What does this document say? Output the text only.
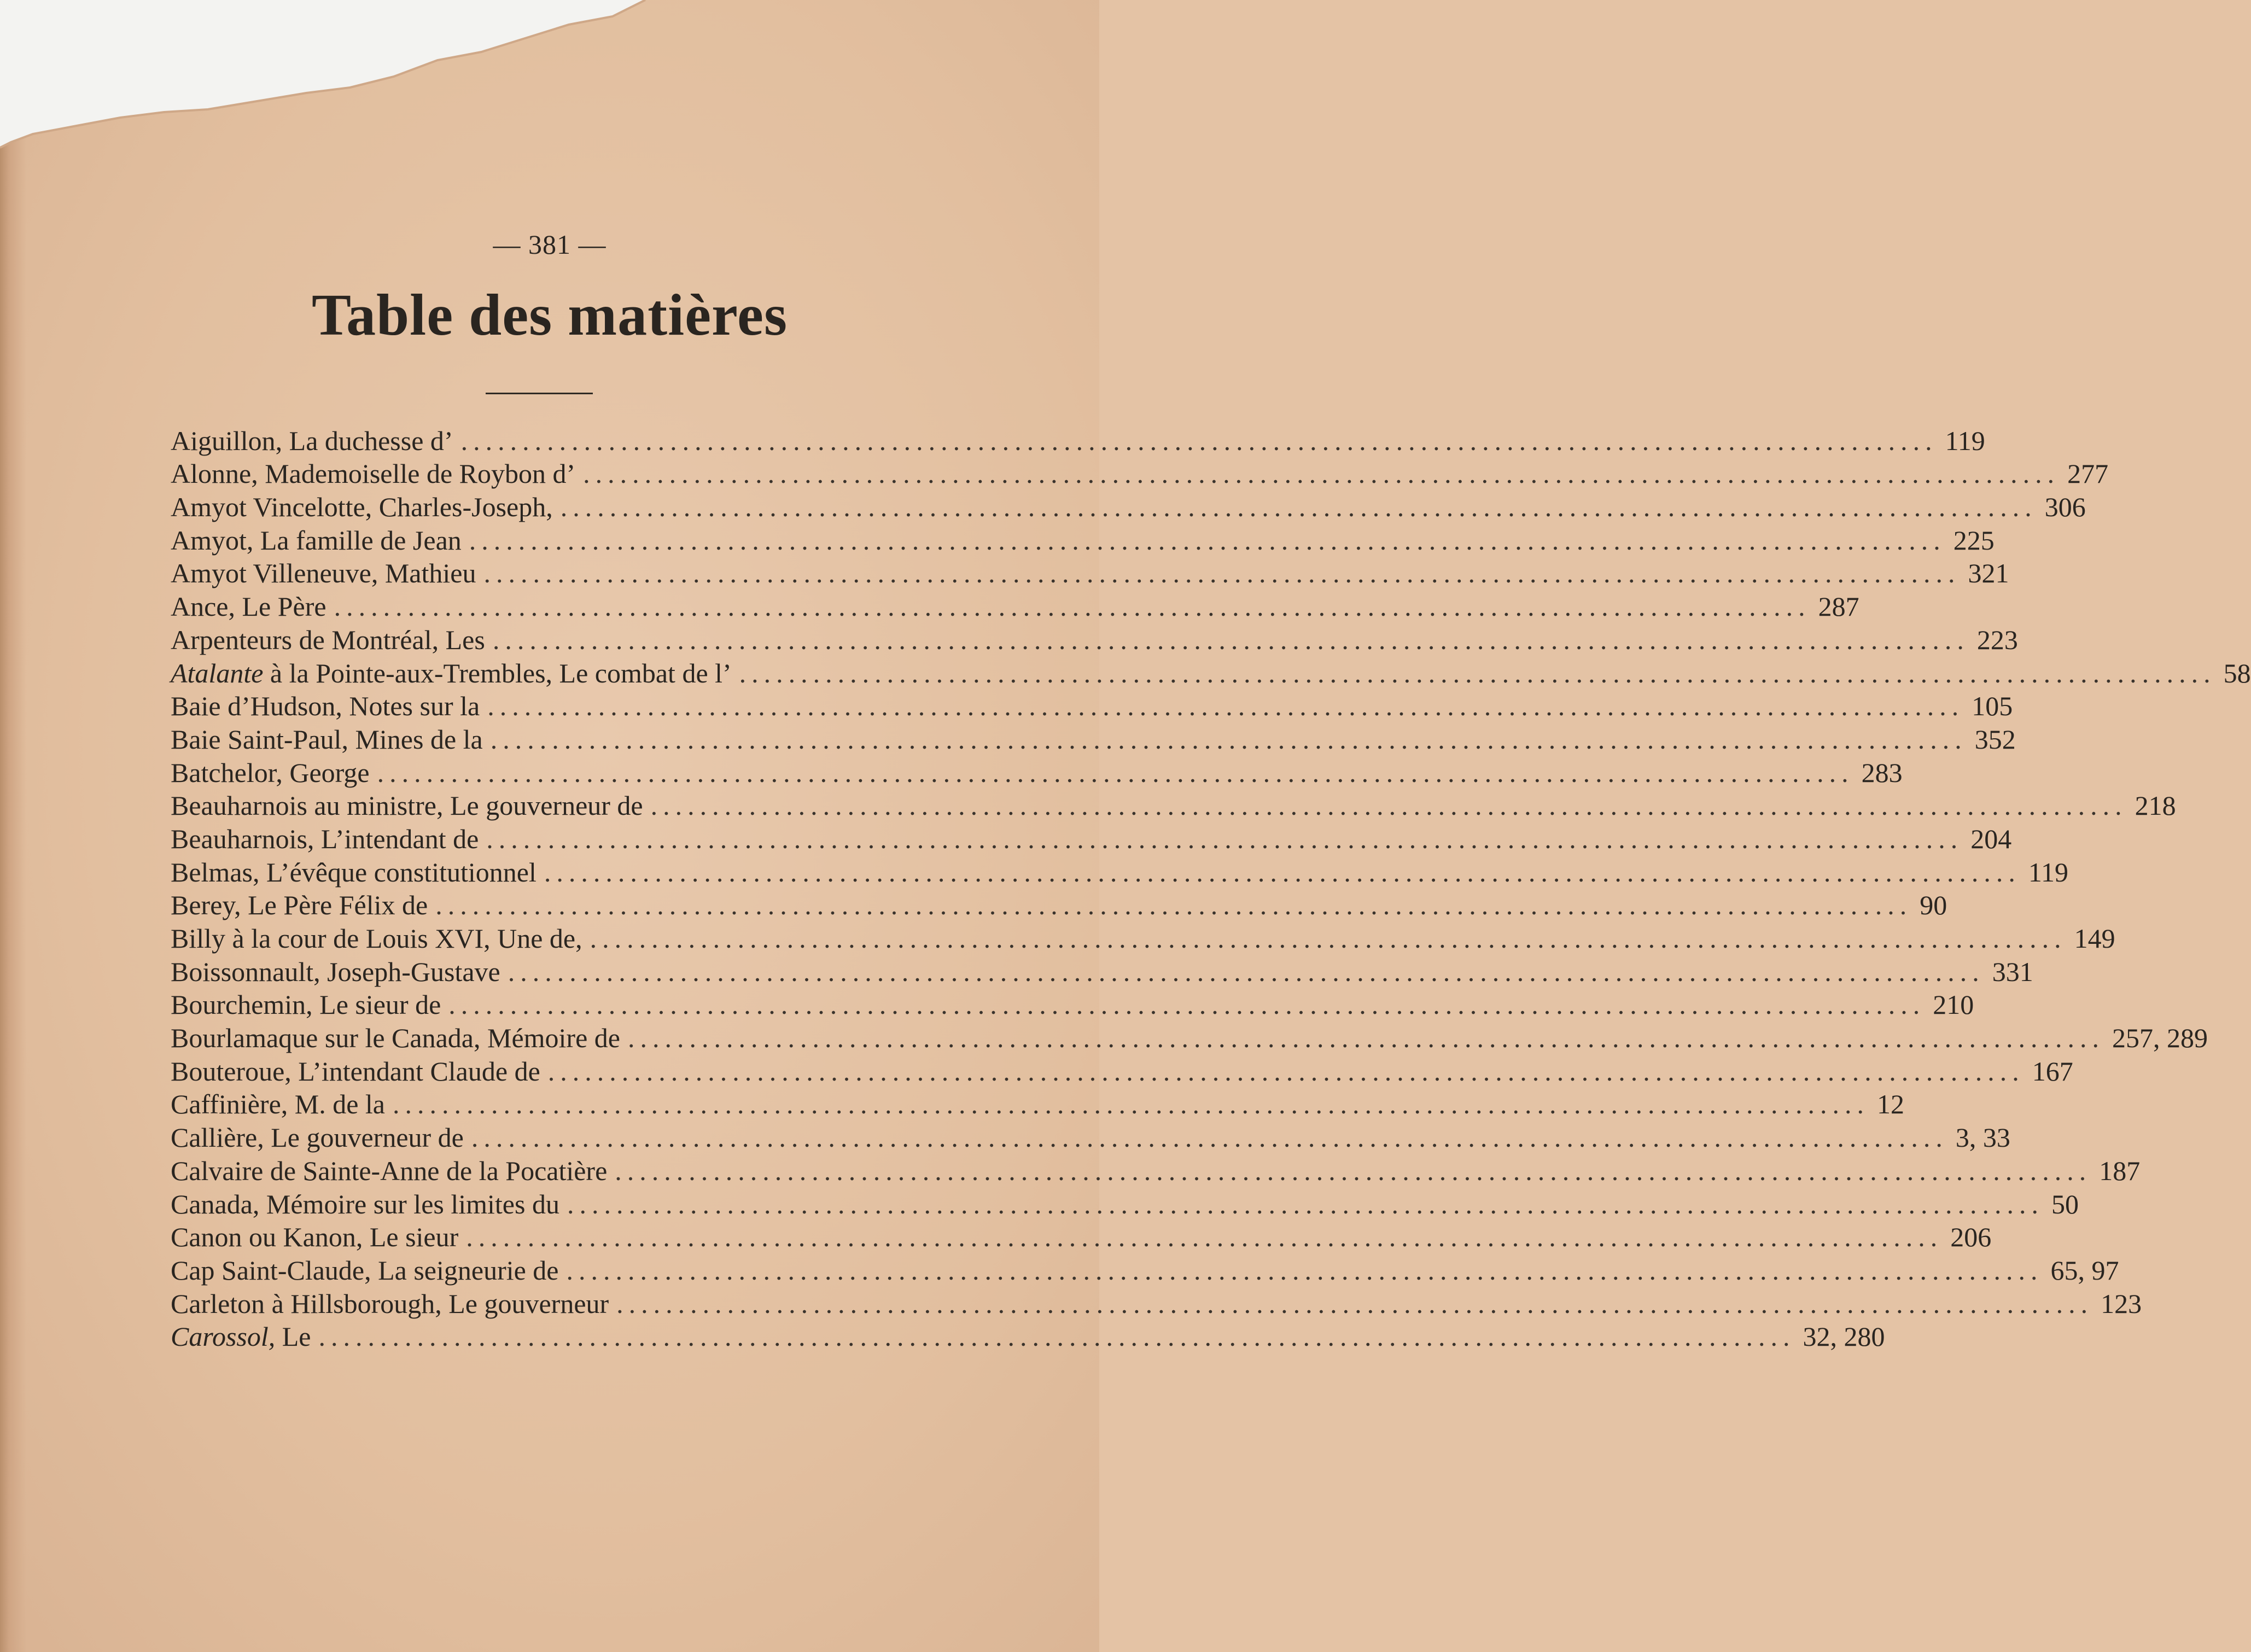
— 381 —
Table des matières
Aiguillon, La duchesse d’ ........................................................................................................................ 119
Alonne, Mademoiselle de Roybon d’ ........................................................................................................................ 277
Amyot Vincelotte, Charles-Joseph, ........................................................................................................................ 306
Amyot, La famille de Jean ........................................................................................................................ 225
Amyot Villeneuve, Mathieu ........................................................................................................................ 321
Ance, Le Père ........................................................................................................................ 287
Arpenteurs de Montréal, Les ........................................................................................................................ 223
Atalante à la Pointe-aux-Trembles, Le combat de l’ ........................................................................................................................ 58
Baie d’Hudson, Notes sur la ........................................................................................................................ 105
Baie Saint-Paul, Mines de la ........................................................................................................................ 352
Batchelor, George ........................................................................................................................ 283
Beauharnois au ministre, Le gouverneur de ........................................................................................................................ 218
Beauharnois, L’intendant de ........................................................................................................................ 204
Belmas, L’évêque constitutionnel ........................................................................................................................ 119
Berey, Le Père Félix de ........................................................................................................................ 90
Billy à la cour de Louis XVI, Une de, ........................................................................................................................ 149
Boissonnault, Joseph-Gustave ........................................................................................................................ 331
Bourchemin, Le sieur de ........................................................................................................................ 210
Bourlamaque sur le Canada, Mémoire de ........................................................................................................................ 257, 289
Bouteroue, L’intendant Claude de ........................................................................................................................ 167
Caffinière, M. de la ........................................................................................................................ 12
Callière, Le gouverneur de ........................................................................................................................ 3, 33
Calvaire de Sainte-Anne de la Pocatière ........................................................................................................................ 187
Canada, Mémoire sur les limites du ........................................................................................................................ 50
Canon ou Kanon, Le sieur ........................................................................................................................ 206
Cap Saint-Claude, La seigneurie de ........................................................................................................................ 65, 97
Carleton à Hillsborough, Le gouverneur ........................................................................................................................ 123
Carossol, Le ........................................................................................................................ 32, 280
